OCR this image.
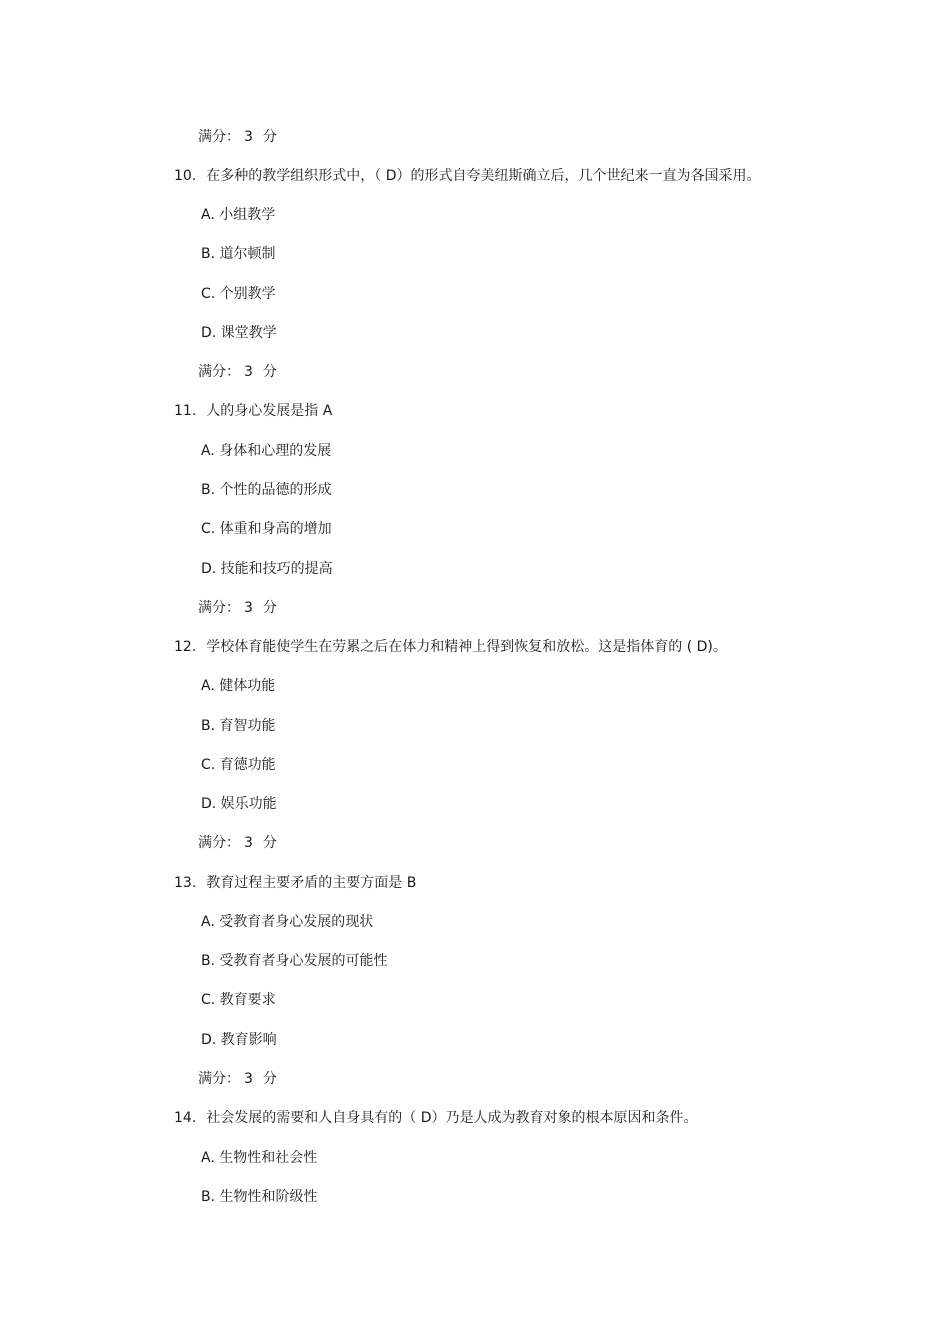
满分： 3 分
10. 在多种的教学组织形式中，（ D）的形式自夸美纽斯确立后，几个世纪来一直为各国采用。
A. 小组教学
B. 道尔顿制
C. 个别教学
D. 课堂教学
满分： 3 分
11. 人的身心发展是指 A
A. 身体和心理的发展
B. 个性的品德的形成
C. 体重和身高的增加
D. 技能和技巧的提高
满分： 3 分
12. 学校体育能使学生在劳累之后在体力和精神上得到恢复和放松。这是指体育的 ( D)。
A. 健体功能
B. 育智功能
C. 育德功能
D. 娱乐功能
满分： 3 分
13. 教育过程主要矛盾的主要方面是 B
A. 受教育者身心发展的现状
B. 受教育者身心发展的可能性
C. 教育要求
D. 教育影响
满分： 3 分
14. 社会发展的需要和人自身具有的（ D）乃是人成为教育对象的根本原因和条件。
A. 生物性和社会性
B. 生物性和阶级性
